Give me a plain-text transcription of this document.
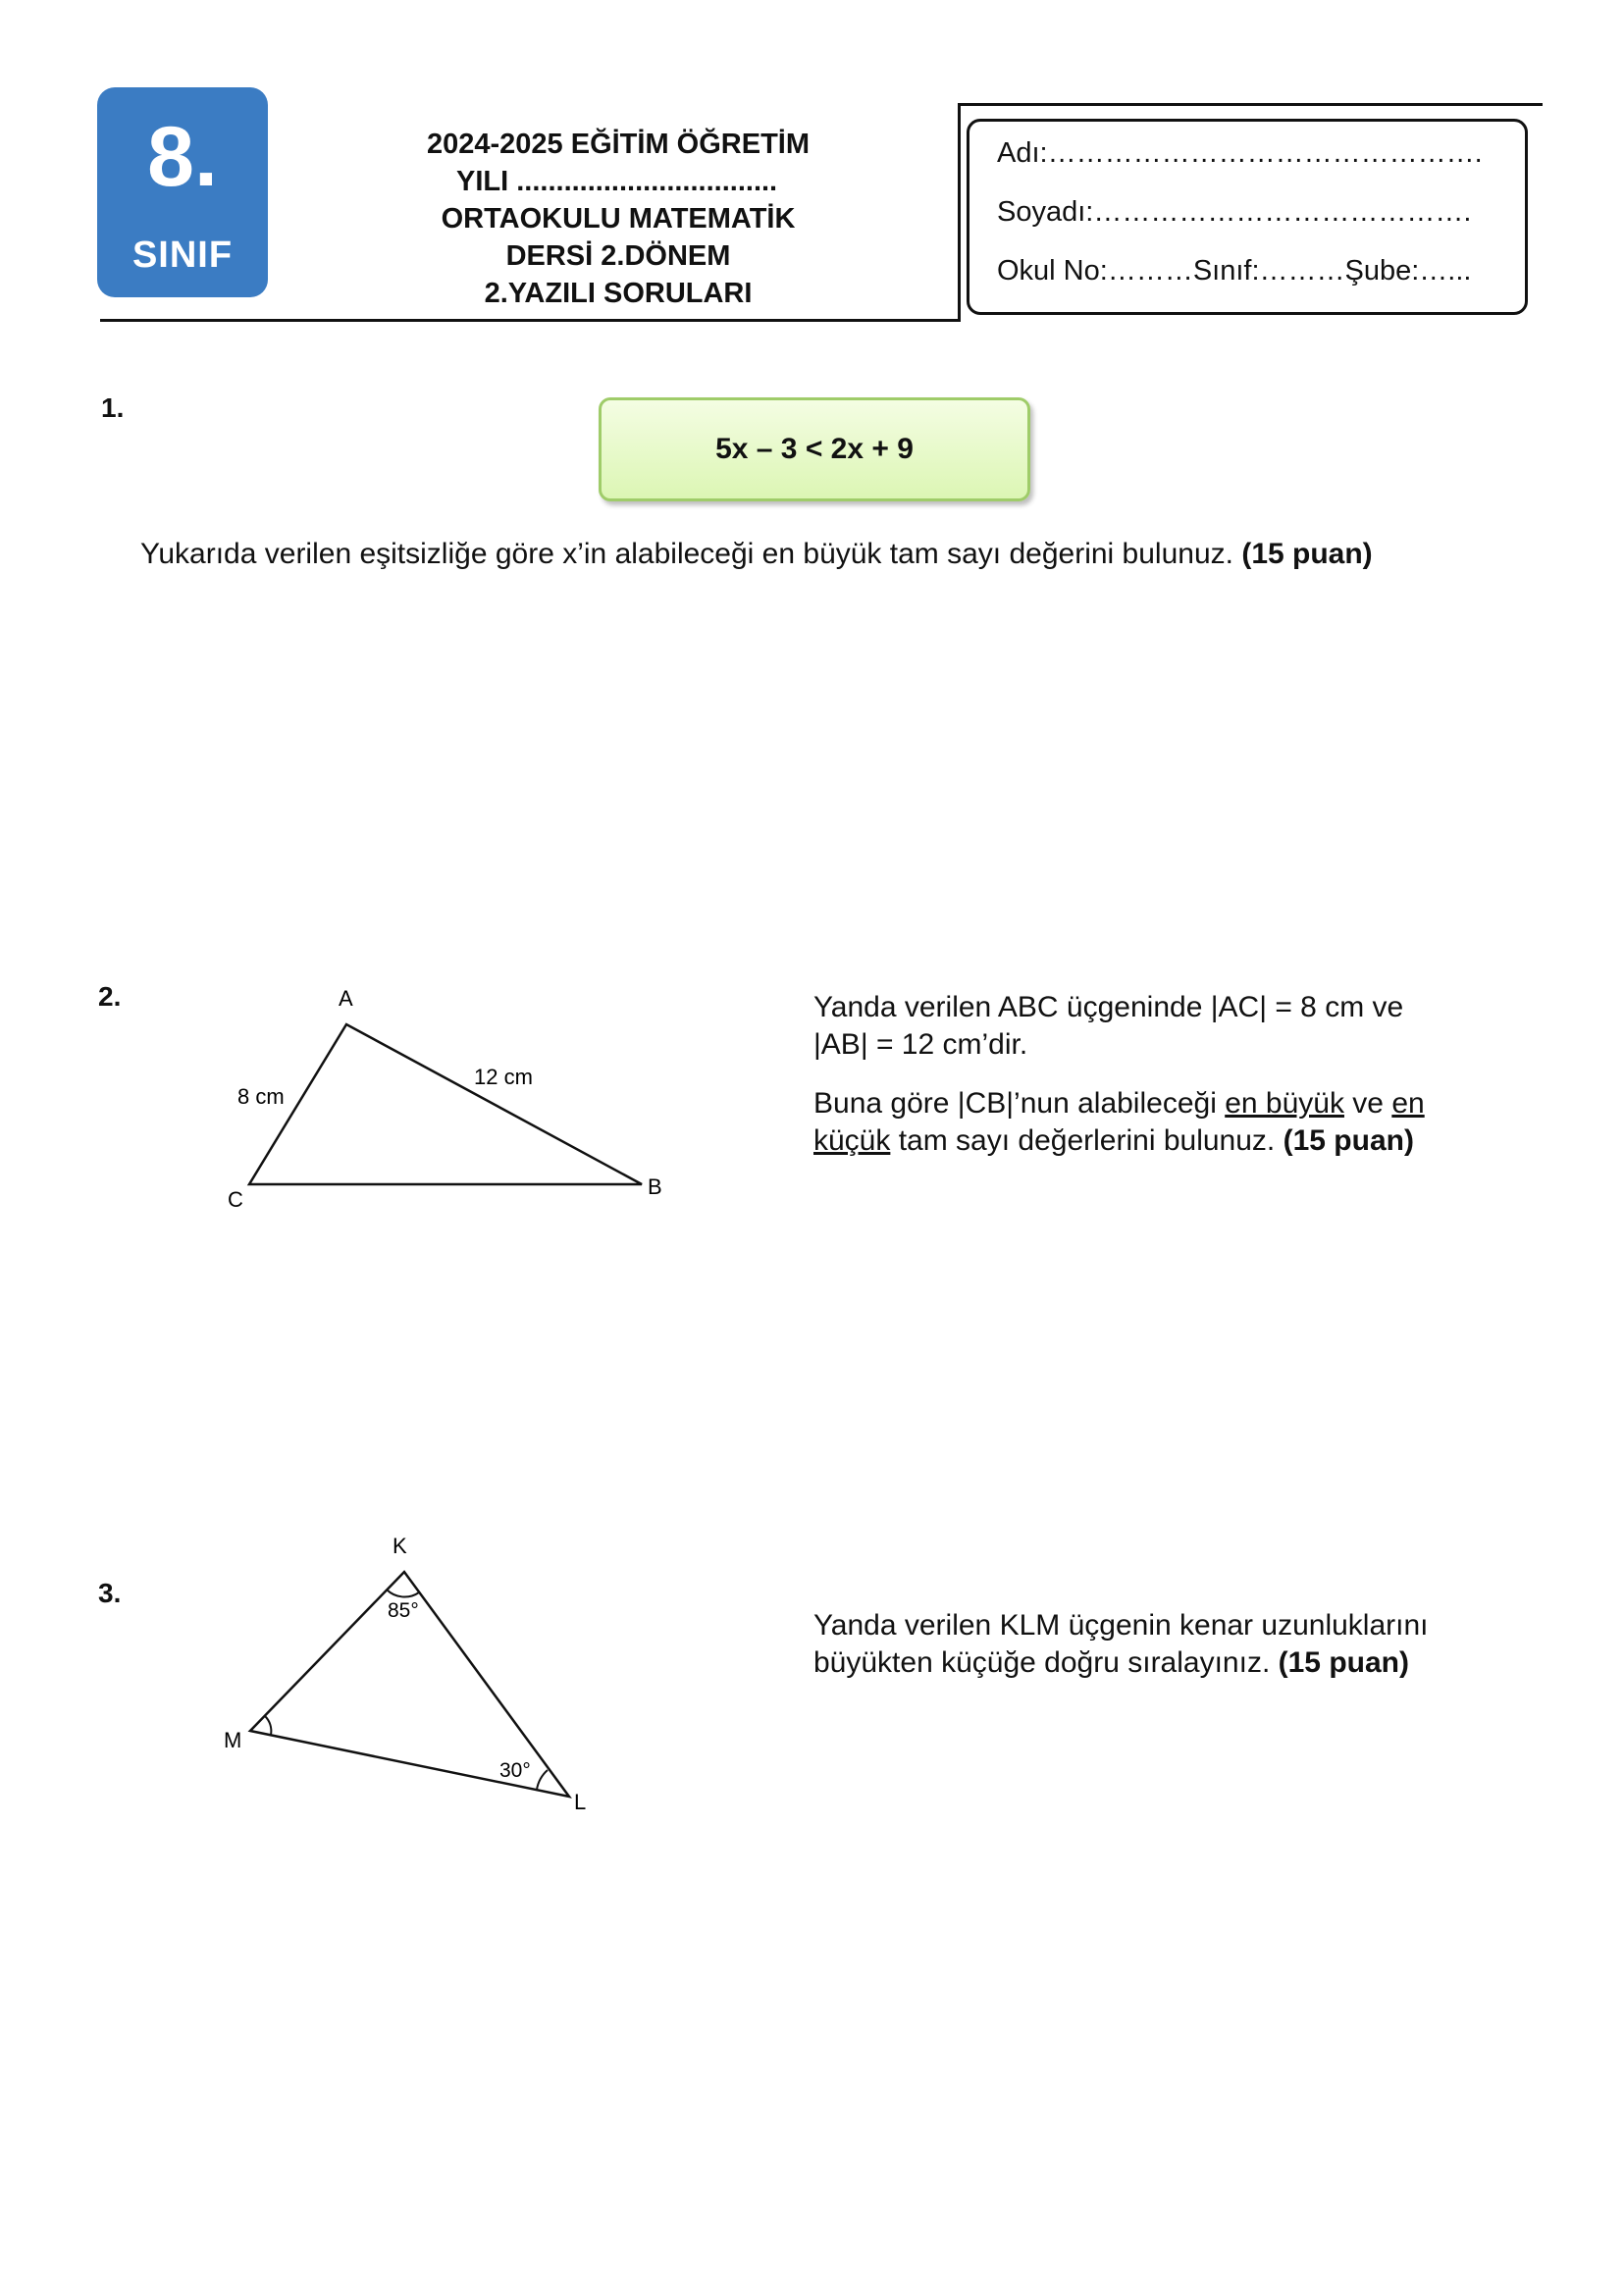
8.
SINIF
2024-2025 EĞİTİM ÖĞRETİM
YILI .................................
ORTAOKULU MATEMATİK
DERSİ 2.DÖNEM
2.YAZILI SORULARI
Adı:……………………………………….
Soyadı:………………………………….
Okul No:………Sınıf:………Şube:…...
1.
5x – 3 < 2x + 9
Yukarıda verilen eşitsizliğe göre x’in alabileceği en büyük tam sayı değerini bulunuz. (15 puan)
2.	A
B
C
8 cm
12 cm
Yanda verilen ABC üçgeninde |AC| = 8 cm ve
|AB| = 12 cm’dir.
Buna göre |CB|’nun alabileceği en büyük ve en
küçük tam sayı değerlerini bulunuz. (15 puan)
3.
K
L
M
85°
30°
Yanda verilen KLM üçgenin kenar uzunluklarını
büyükten küçüğe doğru sıralayınız. (15 puan)
